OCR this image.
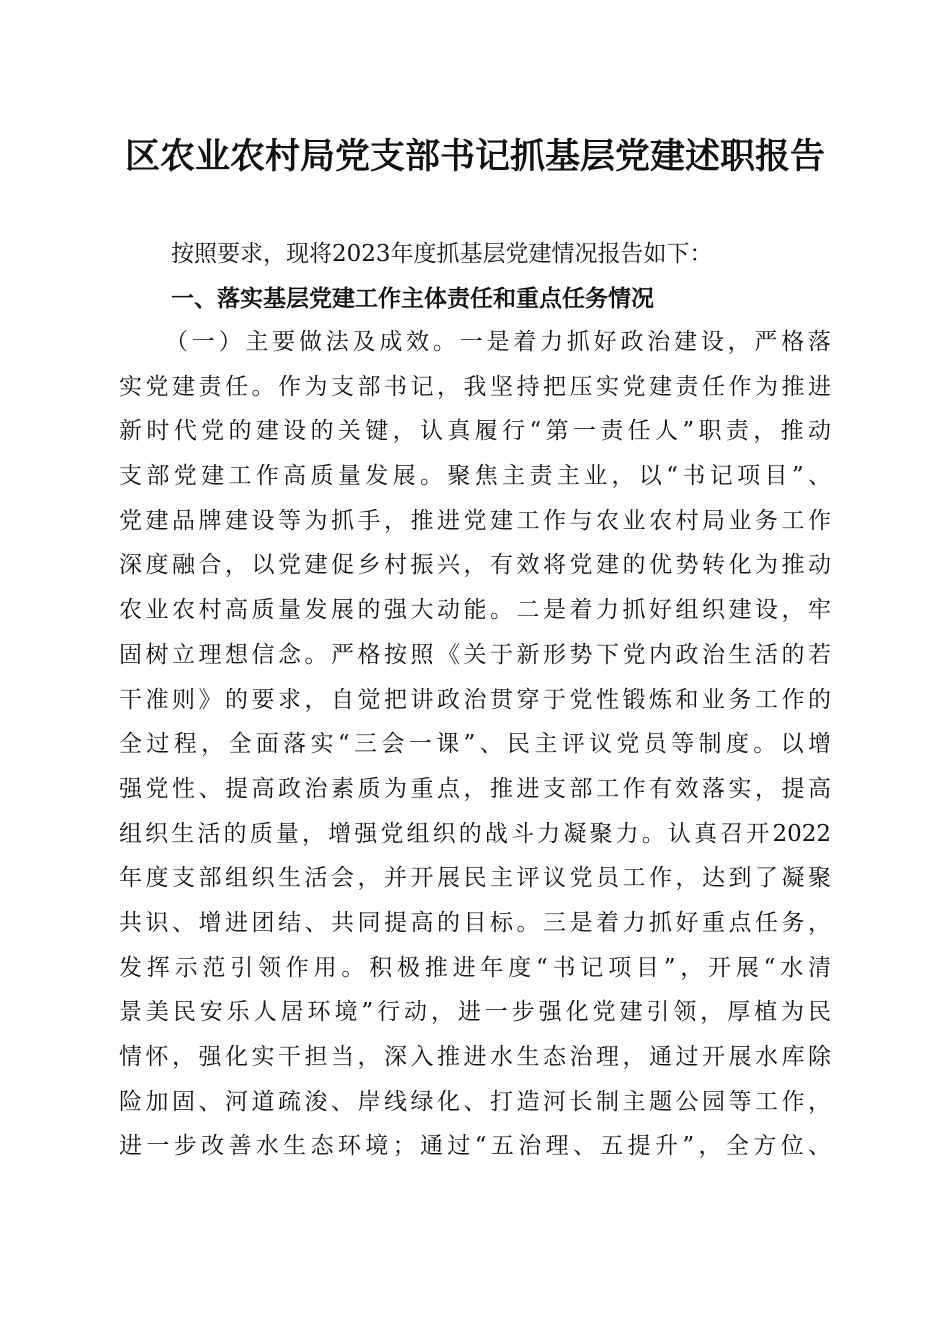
区农业农村局党支部书记抓基层党建述职报告
按照要求，现将2023年度抓基层党建情况报告如下：
一、落实基层党建工作主体责任和重点任务情况
（一）主要做法及成效。一是着力抓好政治建设，严格落
实党建责任。作为支部书记，我坚持把压实党建责任作为推进
新时代党的建设的关键，认真履行“第一责任人”职责，推动
支部党建工作高质量发展。聚焦主责主业，以“书记项目”、
党建品牌建设等为抓手，推进党建工作与农业农村局业务工作
深度融合，以党建促乡村振兴，有效将党建的优势转化为推动
农业农村高质量发展的强大动能。二是着力抓好组织建设，牢
固树立理想信念。严格按照《关于新形势下党内政治生活的若
干准则》的要求，自觉把讲政治贯穿于党性锻炼和业务工作的
全过程，全面落实“三会一课”、民主评议党员等制度。以增
强党性、提高政治素质为重点，推进支部工作有效落实，提高
组织生活的质量，增强党组织的战斗力凝聚力。认真召开2022
年度支部组织生活会，并开展民主评议党员工作，达到了凝聚
共识、增进团结、共同提高的目标。三是着力抓好重点任务，
发挥示范引领作用。积极推进年度“书记项目”，开展“水清
景美民安乐人居环境”行动，进一步强化党建引领，厚植为民
情怀，强化实干担当，深入推进水生态治理，通过开展水库除
险加固、河道疏浚、岸线绿化、打造河长制主题公园等工作，
进一步改善水生态环境；通过“五治理、五提升”，全方位、
